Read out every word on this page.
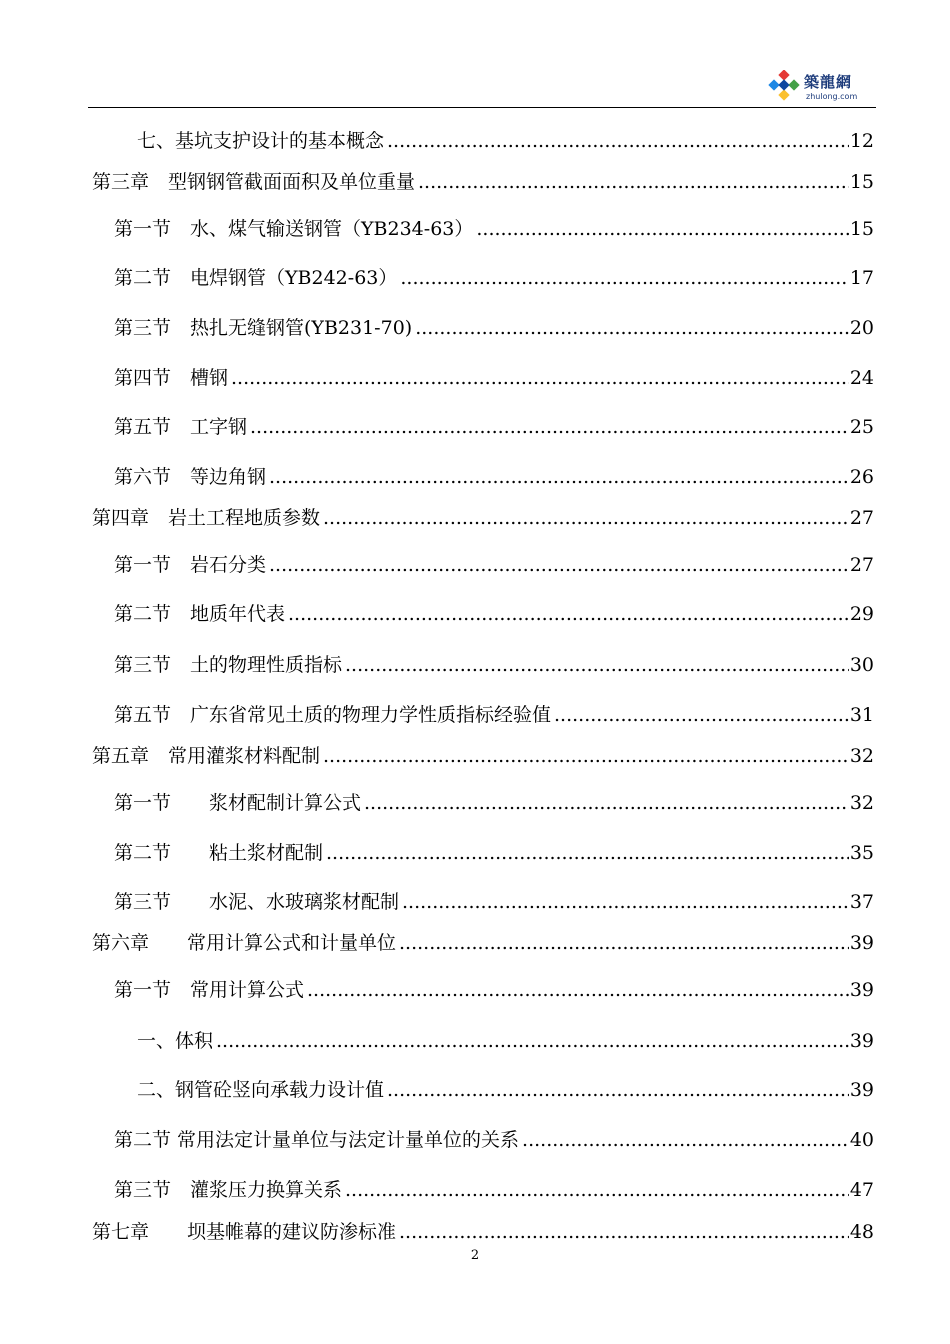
築龍網
zhulong.com
七、基坑支护设计的基本概念 .....	12
第三章　型钢钢管截面面积及单位重量 .....	15
第一节　水、煤气输送钢管（YB234-63） .....	15
第二节　电焊钢管（YB242-63） .....	17
第三节　热扎无缝钢管(YB231-70) .....	20
第四节　槽钢 .....	24
第五节　工字钢 .....	25
第六节　等边角钢 .....	26
第四章　岩土工程地质参数 .....	27
第一节　岩石分类 .....	27
第二节　地质年代表 .....	29
第三节　土的物理性质指标 .....	30
第五节　广东省常见土质的物理力学性质指标经验值 .....	31
第五章　常用灌浆材料配制 .....	32
第一节　　浆材配制计算公式 .....	32
第二节　　粘土浆材配制 .....	35
第三节　　水泥、水玻璃浆材配制 .....	37
第六章　　常用计算公式和计量单位 .....	39
第一节　常用计算公式 .....	39
一、体积 .....	39
二、钢管砼竖向承载力设计值 .....	39
第二节 常用法定计量单位与法定计量单位的关系 .....	40
第三节　灌浆压力换算关系 .....	47
第七章　　坝基帷幕的建议防渗标准 .....	48
2
